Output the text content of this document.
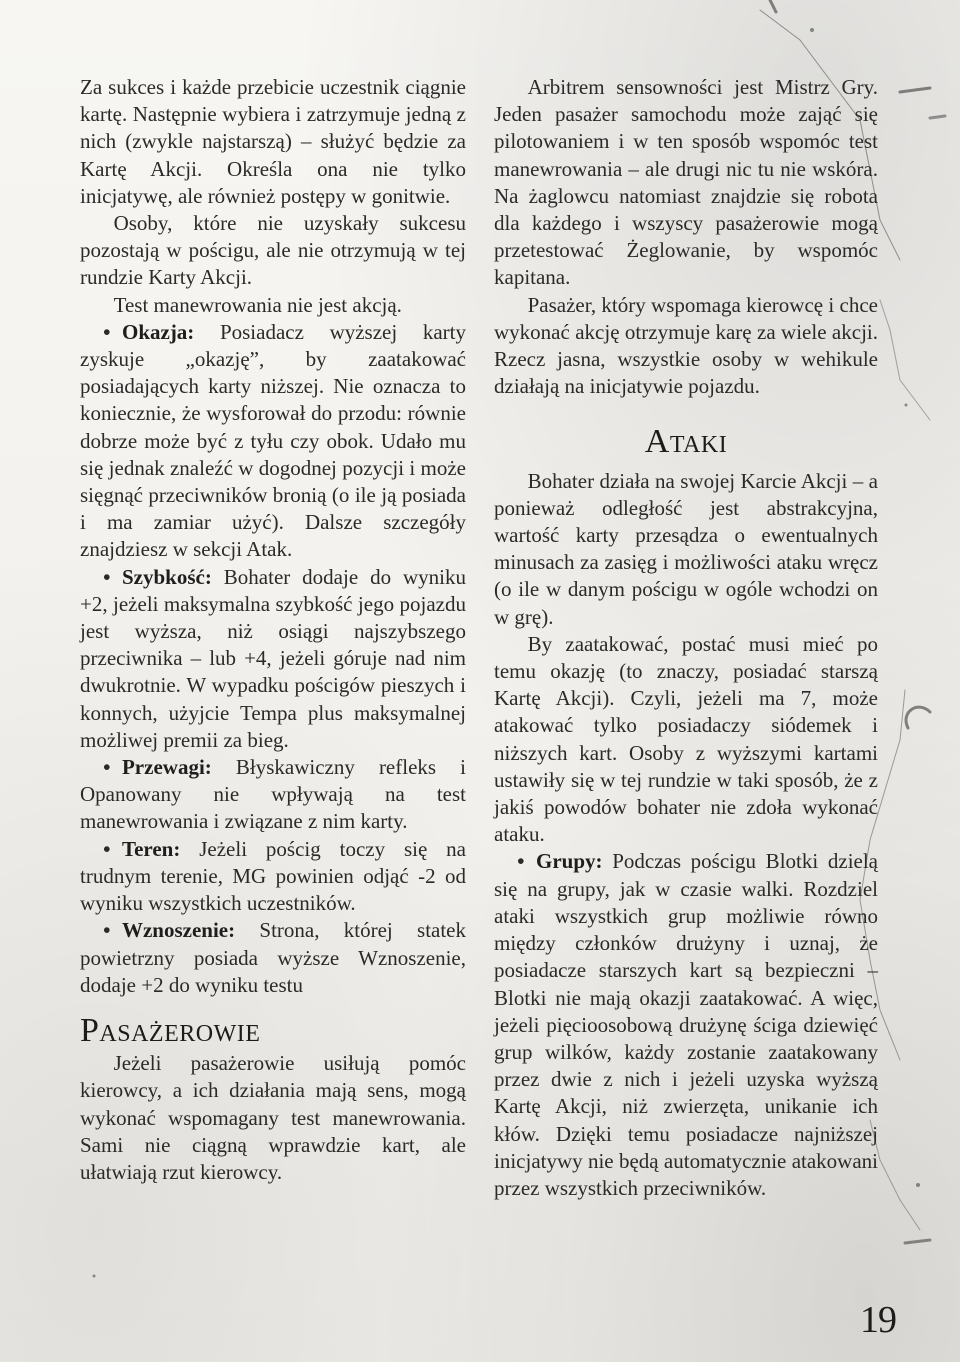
Za sukces i każde przebicie uczestnik ciągnie kartę. Następnie wybiera i zatrzymuje jedną z nich (zwykle najstarszą) – służyć będzie za Kartę Akcji. Określa ona nie tylko inicjatywę, ale również postępy w gonitwie.

Osoby, które nie uzyskały sukcesu pozostają w pościgu, ale nie otrzymują w tej rundzie Karty Akcji.

Test manewrowania nie jest akcją.

• Okazja: Posiadacz wyższej karty zyskuje „okazję”, by zaatakować posiadających karty niższej. Nie oznacza to koniecznie, że wysforował do przodu: równie dobrze może być z tyłu czy obok. Udało mu się jednak znaleźć w dogodnej pozycji i może sięgnąć przeciwników bronią (o ile ją posiada i ma zamiar użyć). Dalsze szczegóły znajdziesz w sekcji Atak.

• Szybkość: Bohater dodaje do wyniku +2, jeżeli maksymalna szybkość jego pojazdu jest wyższa, niż osiągi najszybszego przeciwnika – lub +4, jeżeli góruje nad nim dwukrotnie. W wypadku pościgów pieszych i konnych, użyjcie Tempa plus maksymalnej możliwej premii za bieg.

• Przewagi: Błyskawiczny refleks i Opanowany nie wpływają na test manewrowania i związane z nim karty.

• Teren: Jeżeli pościg toczy się na trudnym terenie, MG powinien odjąć -2 od wyniku wszystkich uczestników.

• Wznoszenie: Strona, której statek powietrzny posiada wyższe Wznoszenie, dodaje +2 do wyniku testu

Pasażerowie

Jeżeli pasażerowie usiłują pomóc kierowcy, a ich działania mają sens, mogą wykonać wspomagany test manewrowania. Sami nie ciągną wprawdzie kart, ale ułatwiają rzut kierowcy.

Arbitrem sensowności jest Mistrz Gry. Jeden pasażer samochodu może zająć się pilotowaniem i w ten sposób wspomóc test manewrowania – ale drugi nic tu nie wskóra. Na żaglowcu natomiast znajdzie się robota dla każdego i wszyscy pasażerowie mogą przetestować Żeglowanie, by wspomóc kapitana.

Pasażer, który wspomaga kierowcę i chce wykonać akcję otrzymuje karę za wiele akcji. Rzecz jasna, wszystkie osoby w wehikule działają na inicjatywie pojazdu.

Ataki

Bohater działa na swojej Karcie Akcji – a ponieważ odległość jest abstrakcyjna, wartość karty przesądza o ewentualnych minusach za zasięg i możliwości ataku wręcz (o ile w danym pościgu w ogóle wchodzi on w grę).

By zaatakować, postać musi mieć po temu okazję (to znaczy, posiadać starszą Kartę Akcji). Czyli, jeżeli ma 7, może atakować tylko posiadaczy siódemek i niższych kart. Osoby z wyższymi kartami ustawiły się w tej rundzie w taki sposób, że z jakiś powodów bohater nie zdoła wykonać ataku.

• Grupy: Podczas pościgu Blotki dzielą się na grupy, jak w czasie walki. Rozdziel ataki wszystkich grup możliwie równo między członków drużyny i uznaj, że posiadacze starszych kart są bezpieczni – Blotki nie mają okazji zaatakować. A więc, jeżeli pięcioosobową drużynę ściga dziewięć grup wilków, każdy zostanie zaatakowany przez dwie z nich i jeżeli uzyska wyższą Kartę Akcji, niż zwierzęta, unikanie ich kłów. Dzięki temu posiadacze najniższej inicjatywy nie będą automatycznie atakowani przez wszystkich przeciwników.

19
